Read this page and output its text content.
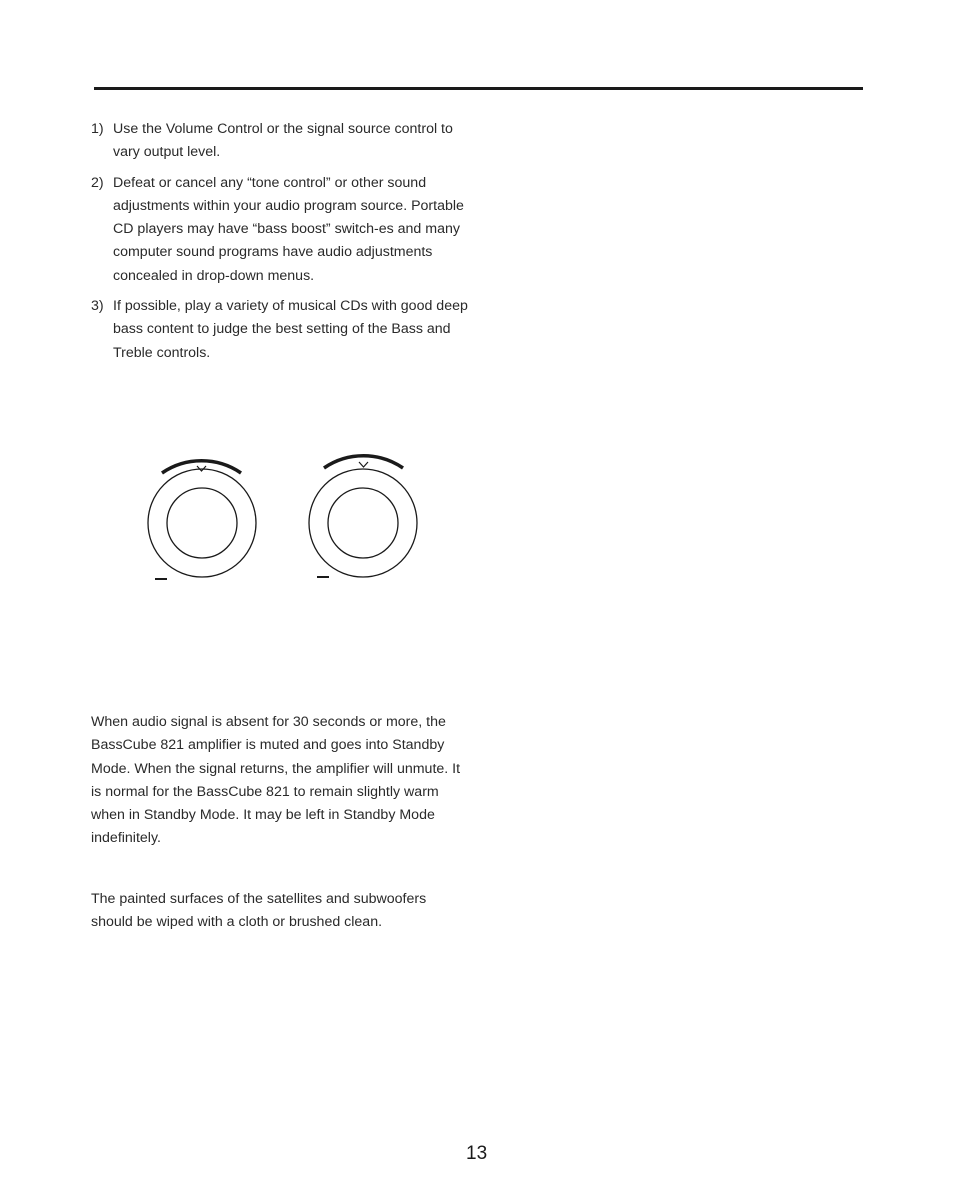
1) Use the Volume Control or the signal source control to vary output level.
2) Defeat or cancel any “tone control” or other sound adjustments within your audio program source. Portable CD players may have “bass boost” switch-es and many computer sound programs have audio adjustments concealed in drop-down menus.
3) If possible, play a variety of musical CDs with good deep bass content to judge the best setting of the Bass and Treble controls.

When audio signal is absent for 30 seconds or more, the BassCube 821 amplifier is muted and goes into Standby Mode. When the signal returns, the amplifier will unmute. It is normal for the BassCube 821 to remain slightly warm when in Standby Mode. It may be left in Standby Mode indefinitely.

The painted surfaces of the satellites and subwoofers should be wiped with a cloth or brushed clean.

13
